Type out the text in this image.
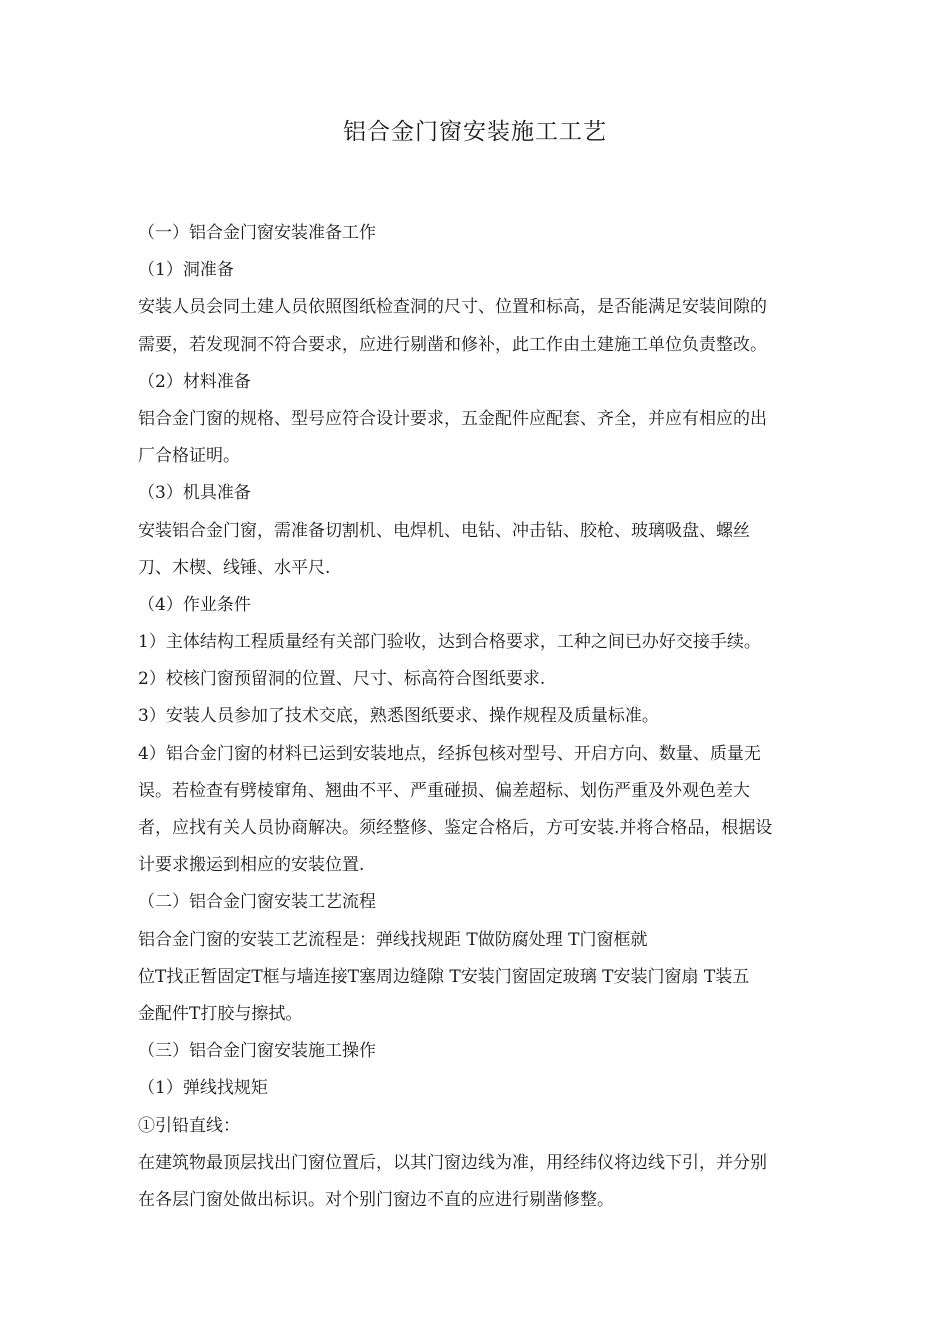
铝合金门窗安装施工工艺
（一）铝合金门窗安装准备工作
（1）洞准备
安装人员会同土建人员依照图纸检查洞的尺寸、位置和标高，是否能满足安装间隙的
需要，若发现洞不符合要求，应进行剔凿和修补，此工作由土建施工单位负责整改。
（2）材料准备
铝合金门窗的规格、型号应符合设计要求，五金配件应配套、齐全，并应有相应的出
厂合格证明。
（3）机具准备
安装铝合金门窗，需准备切割机、电焊机、电钻、冲击钻、胶枪、玻璃吸盘、螺丝
刀、木楔、线锤、水平尺.
（4）作业条件
1）主体结构工程质量经有关部门验收，达到合格要求，工种之间已办好交接手续。
2）校核门窗预留洞的位置、尺寸、标高符合图纸要求.
3）安装人员参加了技术交底，熟悉图纸要求、操作规程及质量标准。
4）铝合金门窗的材料已运到安装地点，经拆包核对型号、开启方向、数量、质量无
误。若检查有劈棱窜角、翘曲不平、严重碰损、偏差超标、划伤严重及外观色差大
者，应找有关人员协商解决。须经整修、鉴定合格后，方可安装.并将合格品，根据设
计要求搬运到相应的安装位置.
（二）铝合金门窗安装工艺流程
铝合金门窗的安装工艺流程是：弹线找规距 T做防腐处理 T门窗框就
位T找正暂固定T框与墙连接T塞周边缝隙 T安装门窗固定玻璃 T安装门窗扇 T装五
金配件T打胶与擦拭。
（三）铝合金门窗安装施工操作
（1）弹线找规矩
①引铅直线：
在建筑物最顶层找出门窗位置后，以其门窗边线为准，用经纬仪将边线下引，并分别
在各层门窗处做出标识。对个别门窗边不直的应进行剔凿修整。
